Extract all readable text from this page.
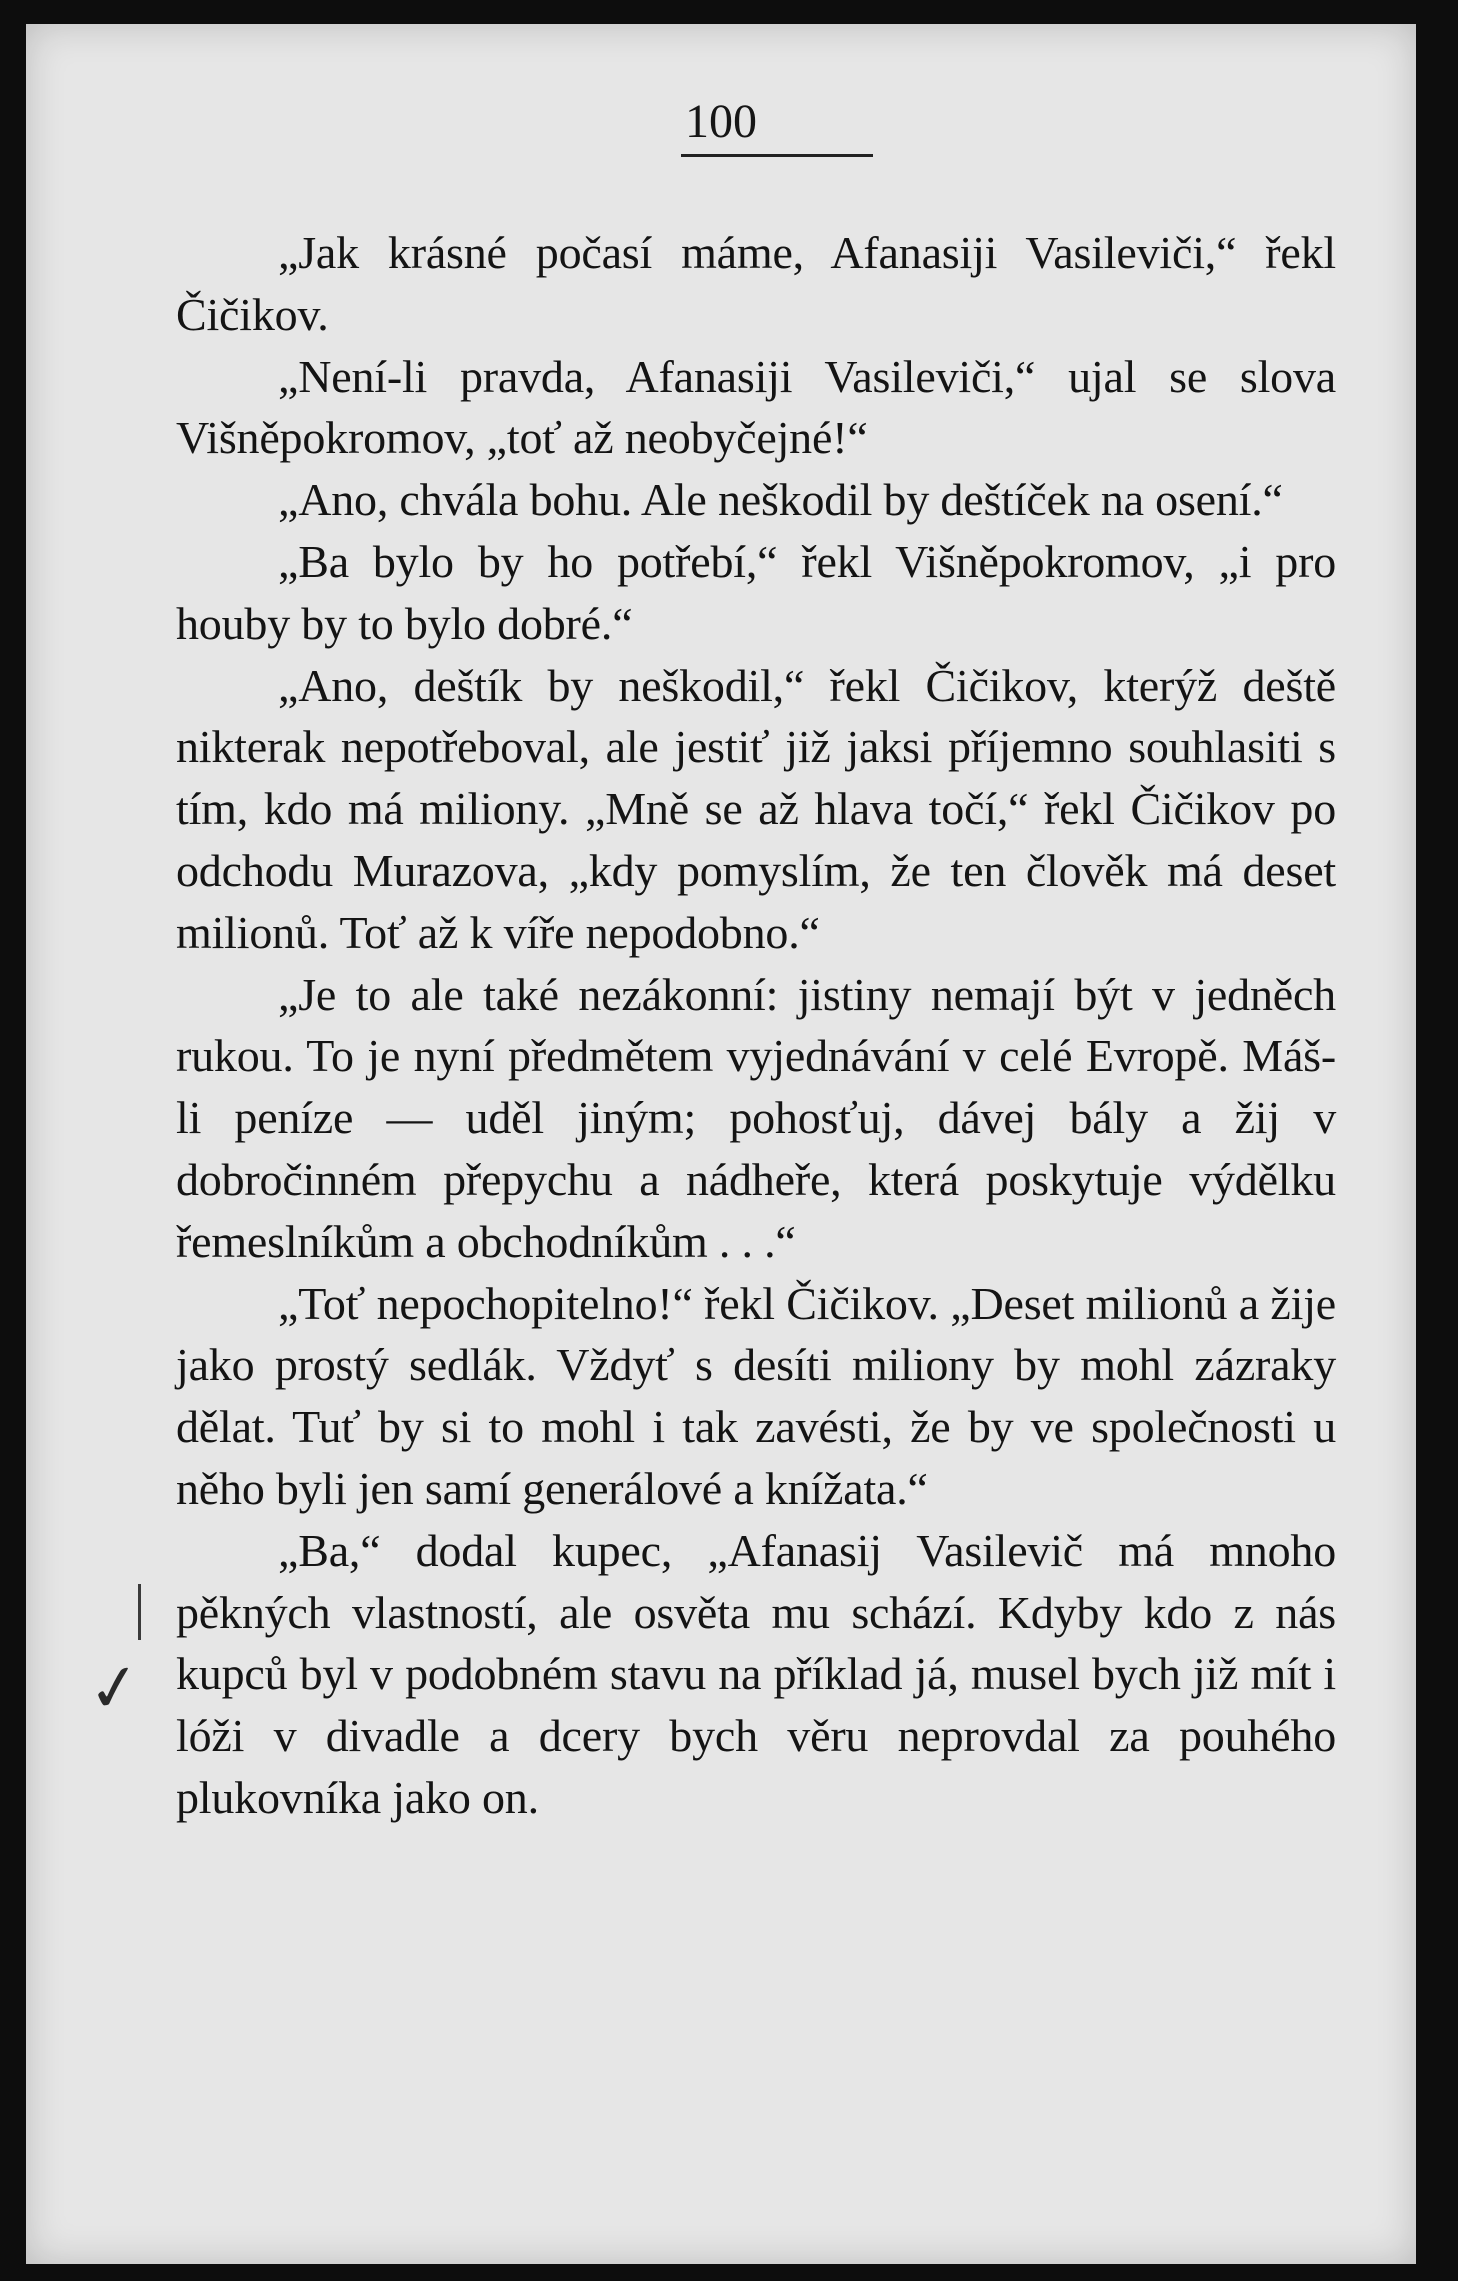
100

„Jak krásné počasí máme, Afanasiji Vasileviči,“ řekl Čičikov.

„Není-li pravda, Afanasiji Vasileviči,“ ujal se slova Višněpokromov, „toť až neobyčejné!“

„Ano, chvála bohu. Ale neškodil by deštíček na osení.“

„Ba bylo by ho potřebí,“ řekl Višněpokromov, „i pro houby by to bylo dobré.“

„Ano, deštík by neškodil,“ řekl Čičikov, kterýž deště nikterak nepotřeboval, ale jestiť již jaksi příjemno souhlasiti s tím, kdo má miliony. „Mně se až hlava točí,“ řekl Čičikov po odchodu Murazova, „kdy pomyslím, že ten člověk má deset milionů. Toť až k víře nepodobno.“

„Je to ale také nezákonní: jistiny nemají být v jedněch rukou. To je nyní předmětem vyjednávání v celé Evropě. Máš-li peníze — uděl jiným; pohosťuj, dávej bály a žij v dobročinném přepychu a nádheře, která poskytuje výdělku řemeslníkům a obchodníkům . . .“

„Toť nepochopitelno!“ řekl Čičikov. „Deset milionů a žije jako prostý sedlák. Vždyť s desíti miliony by mohl zázraky dělat. Tuť by si to mohl i tak zavésti, že by ve společnosti u něho byli jen samí generálové a knížata.“

„Ba,“ dodal kupec, „Afanasij Vasilevič má mnoho pěkných vlastností, ale osvěta mu schází. Kdyby kdo z nás kupců byl v podobném stavu na příklad já, musel bych již mít i lóži v divadle a dcery bych věru neprovdal za pouhého plukovníka jako on.

✓
